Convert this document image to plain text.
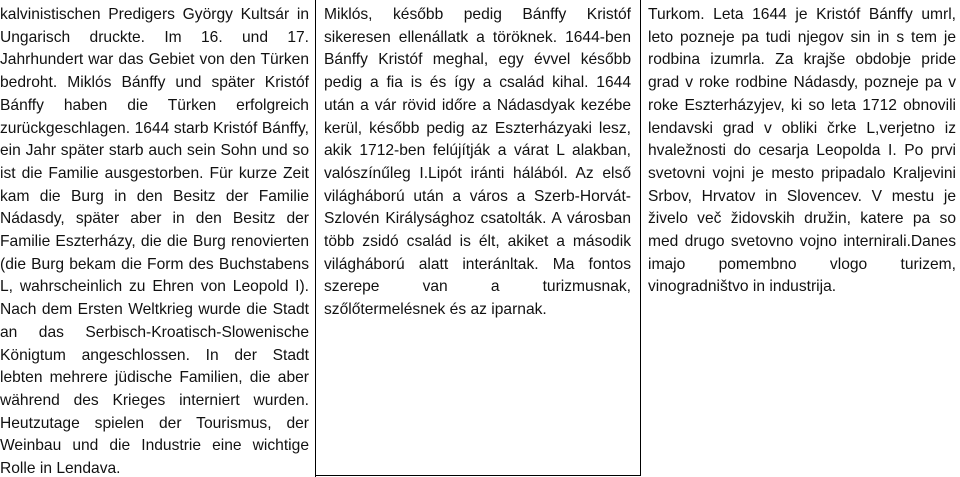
kalvinistischen Predigers György Kultsár in Ungarisch druckte. Im 16. und 17. Jahrhundert war das Gebiet von den Türken bedroht. Miklós Bánffy und später Kristóf Bánffy haben die Türken erfolgreich zurückgeschlagen. 1644 starb Kristóf Bánffy, ein Jahr später starb auch sein Sohn und so ist die Familie ausgestorben. Für kurze Zeit kam die Burg in den Besitz der Familie Nádasdy, später aber in den Besitz der Familie Eszterházy, die die Burg renovierten (die Burg bekam die Form des Buchstabens L, wahrscheinlich zu Ehren von Leopold I). Nach dem Ersten Weltkrieg wurde die Stadt an das Serbisch-Kroatisch-Slowenische Königtum angeschlossen. In der Stadt lebten mehrere jüdische Familien, die aber während des Krieges interniert wurden. Heutzutage spielen der Tourismus, der Weinbau und die Industrie eine wichtige Rolle in Lendava.

Miklós, később pedig Bánffy Kristóf sikeresen ellenállatk a töröknek. 1644-ben Bánffy Kristóf meghal, egy évvel később pedig a fia is és így a család kihal. 1644 után a vár rövid időre a Nádasdyak kezébe kerül, később pedig az Eszterházyaki lesz, akik 1712-ben felújítják a várat L alakban, valószínűleg I.Lipót iránti hálából. Az első világháború után a város a Szerb-Horvát-Szlovén Királysághoz csatolták. A városban több zsidó család is élt, akiket a második világháború alatt interánltak. Ma fontos szerepe van a turizmusnak, szőlőtermelésnek és az iparnak.

Turkom. Leta 1644 je Kristóf Bánffy umrl, leto pozneje pa tudi njegov sin in s tem je rodbina izumrla. Za krajše obdobje pride grad v roke rodbine Nádasdy, pozneje pa v roke Eszterházyjev, ki so leta 1712 obnovili lendavski grad v obliki črke L,verjetno iz hvaležnosti do cesarja Leopolda I. Po prvi svetovni vojni je mesto pripadalo Kraljevini Srbov, Hrvatov in Slovencev. V mestu je živelo več židovskih družin, katere pa so med drugo svetovno vojno internirali.Danes imajo pomembno vlogo turizem, vinogradništvo in industrija.
